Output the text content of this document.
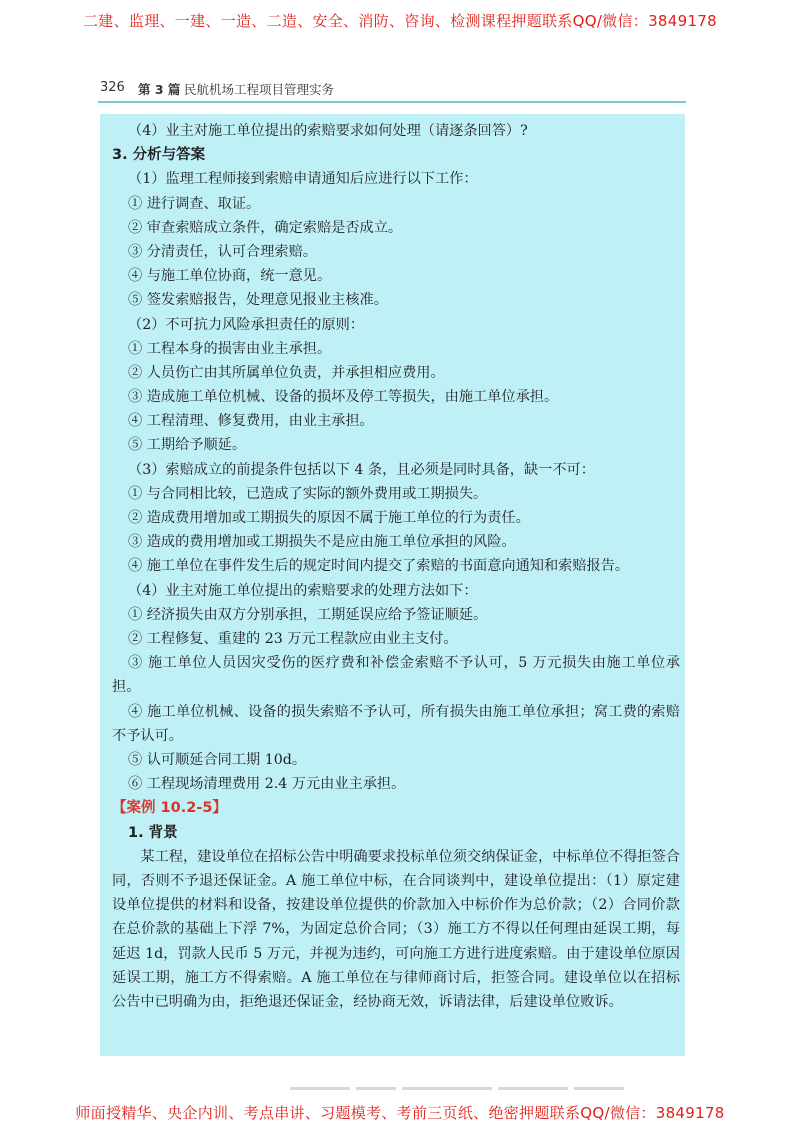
二建、监理、一建、一造、二造、安全、消防、咨询、检测课程押题联系QQ/微信：3849178
326 第 3 篇 民航机场工程项目管理实务
（4）业主对施工单位提出的索赔要求如何处理（请逐条回答）?
3. 分析与答案
（1）监理工程师接到索赔申请通知后应进行以下工作：
① 进行调查、取证。
② 审查索赔成立条件，确定索赔是否成立。
③ 分清责任，认可合理索赔。
④ 与施工单位协商，统一意见。
⑤ 签发索赔报告，处理意见报业主核准。
（2）不可抗力风险承担责任的原则：
① 工程本身的损害由业主承担。
② 人员伤亡由其所属单位负责，并承担相应费用。
③ 造成施工单位机械、设备的损坏及停工等损失，由施工单位承担。
④ 工程清理、修复费用，由业主承担。
⑤ 工期给予顺延。
（3）索赔成立的前提条件包括以下 4 条，且必须是同时具备，缺一不可：
① 与合同相比较，已造成了实际的额外费用或工期损失。
② 造成费用增加或工期损失的原因不属于施工单位的行为责任。
③ 造成的费用增加或工期损失不是应由施工单位承担的风险。
④ 施工单位在事件发生后的规定时间内提交了索赔的书面意向通知和索赔报告。
（4）业主对施工单位提出的索赔要求的处理方法如下：
① 经济损失由双方分别承担，工期延误应给予签证顺延。
② 工程修复、重建的 23 万元工程款应由业主支付。
③ 施工单位人员因灾受伤的医疗费和补偿金索赔不予认可，5 万元损失由施工单位承担。
④ 施工单位机械、设备的损失索赔不予认可，所有损失由施工单位承担；窝工费的索赔不予认可。
⑤ 认可顺延合同工期 10d。
⑥ 工程现场清理费用 2.4 万元由业主承担。
【案例 10.2-5】
1. 背景
某工程，建设单位在招标公告中明确要求投标单位须交纳保证金，中标单位不得拒签合同，否则不予退还保证金。A 施工单位中标，在合同谈判中，建设单位提出：（1）原定建设单位提供的材料和设备，按建设单位提供的价款加入中标价作为总价款；（2）合同价款在总价款的基础上下浮 7%，为固定总价合同；（3）施工方不得以任何理由延误工期，每延迟 1d，罚款人民币 5 万元，并视为违约，可向施工方进行进度索赔。由于建设单位原因延误工期，施工方不得索赔。A 施工单位在与律师商讨后，拒签合同。建设单位以在招标公告中已明确为由，拒绝退还保证金，经协商无效，诉请法律，后建设单位败诉。
师面授精华、央企内训、考点串讲、习题模考、考前三页纸、绝密押题联系QQ/微信：3849178
